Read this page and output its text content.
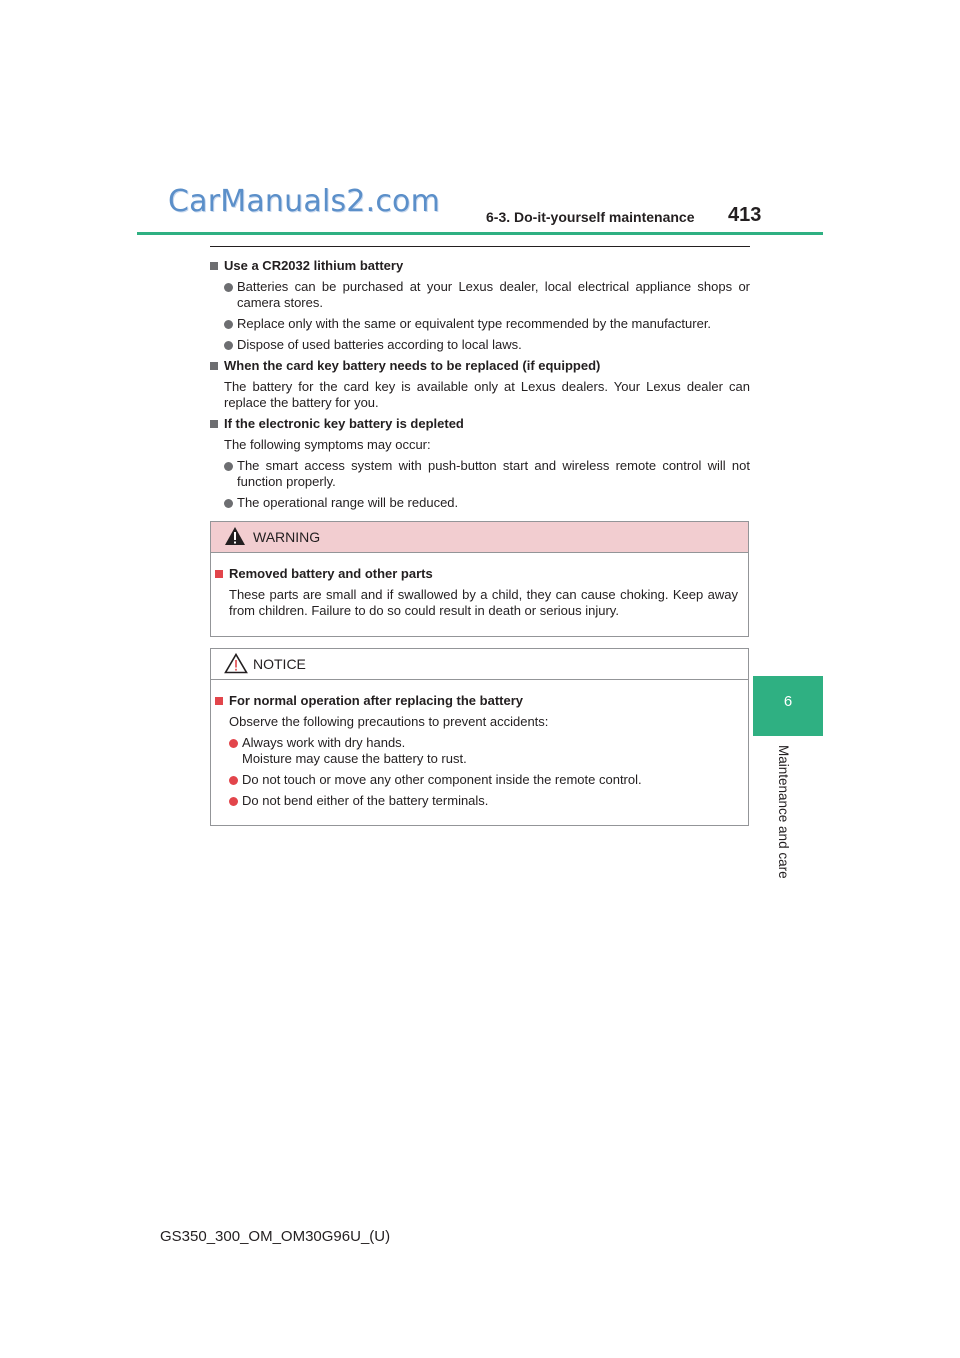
CarManuals2.com	6-3. Do-it-yourself maintenance 413
6
Maintenance and care
Use a CR2032 lithium battery
Batteries can be purchased at your Lexus dealer, local electrical appliance shops or camera stores.
Replace only with the same or equivalent type recommended by the manufacturer.
Dispose of used batteries according to local laws.
When the card key battery needs to be replaced (if equipped)
The battery for the card key is available only at Lexus dealers. Your Lexus dealer can replace the battery for you.
If the electronic key battery is depleted
The following symptoms may occur:
The smart access system with push-button start and wireless remote control will not function properly.
The operational range will be reduced.
WARNING
Removed battery and other parts
These parts are small and if swallowed by a child, they can cause choking. Keep away from children. Failure to do so could result in death or serious injury.
NOTICE
For normal operation after replacing the battery
Observe the following precautions to prevent accidents:
Always work with dry hands.
Moisture may cause the battery to rust.
Do not touch or move any other component inside the remote control.
Do not bend either of the battery terminals.
GS350_300_OM_OM30G96U_(U)
